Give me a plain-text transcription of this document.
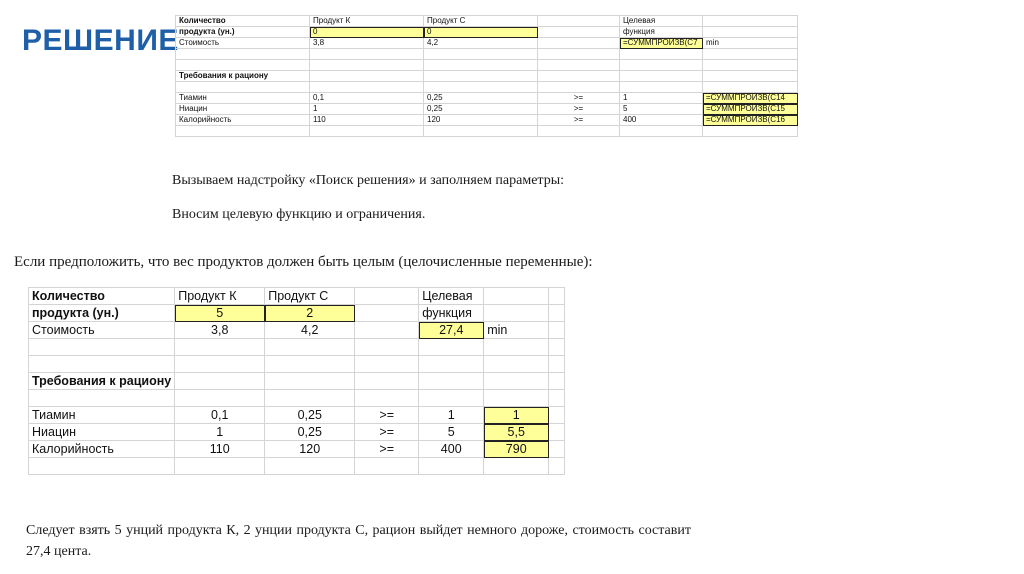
РЕШЕНИЕ
Количество	Продукт К	Продукт С		Целевая	
продукта (ун.)	0	0		функция	
Стоимость	3,8	4,2		=СУММПРОИЗВ(C7	min

Требования к рациону					

Тиамин	0,1	0,25	>=	1	=СУММПРОИЗВ(C14
Ниацин	1	0,25	>=	5	=СУММПРОИЗВ(C15
Калорийность	110	120	>=	400	=СУММПРОИЗВ(C16

Вызываем надстройку «Поиск решения» и заполняем параметры:
Вносим целевую функцию и ограничения.
Если предположить, что вес продуктов должен быть целым (целочисленные переменные):
Количество	Продукт К	Продукт С		Целевая		
продукта (ун.)	5	2		функция		
Стоимость	3,8	4,2		27,4	min	

Требования к рациону						

Тиамин	0,1	0,25	>=	1	1	
Ниацин	1	0,25	>=	5	5,5	
Калорийность	110	120	>=	400	790	

Следует взять 5 унций продукта К, 2 унции продукта С, рацион выйдет немного дороже, стоимость составит 27,4 цента.
